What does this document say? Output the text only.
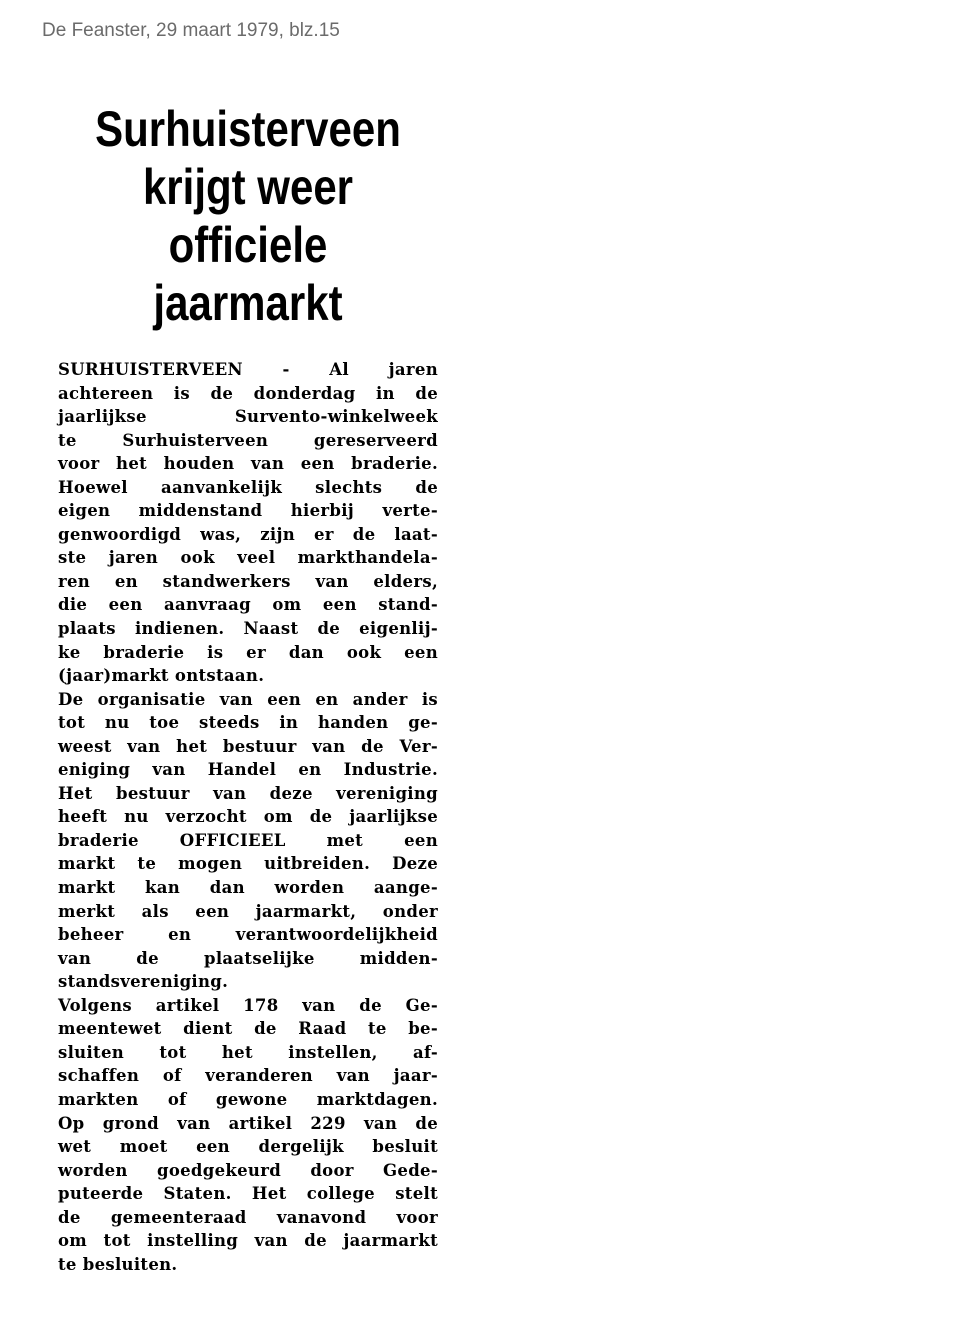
De Feanster, 29 maart 1979, blz.15
Surhuisterveen
krijgt weer
officiele
jaarmarkt
SURHUISTERVEEN - Al jaren
achtereen is de donderdag in de
jaarlijkse Survento-winkelweek
te Surhuisterveen gereserveerd
voor het houden van een braderie.
Hoewel aanvankelijk slechts de
eigen middenstand hierbij verte-
genwoordigd was, zijn er de laat-
ste jaren ook veel markthandela-
ren en standwerkers van elders,
die een aanvraag om een stand-
plaats indienen. Naast de eigenlij-
ke braderie is er dan ook een
(jaar)markt ontstaan.
De organisatie van een en ander is
tot nu toe steeds in handen ge-
weest van het bestuur van de Ver-
eniging van Handel en Industrie.
Het bestuur van deze vereniging
heeft nu verzocht om de jaarlijkse
braderie OFFICIEEL met een
markt te mogen uitbreiden. Deze
markt kan dan worden aange-
merkt als een jaarmarkt, onder
beheer en verantwoordelijkheid
van de plaatselijke midden-
standsvereniging.
Volgens artikel 178 van de Ge-
meentewet dient de Raad te be-
sluiten tot het instellen, af-
schaffen of veranderen van jaar-
markten of gewone marktdagen.
Op grond van artikel 229 van de
wet moet een dergelijk besluit
worden goedgekeurd door Gede-
puteerde Staten. Het college stelt
de gemeenteraad vanavond voor
om tot instelling van de jaarmarkt
te besluiten.
